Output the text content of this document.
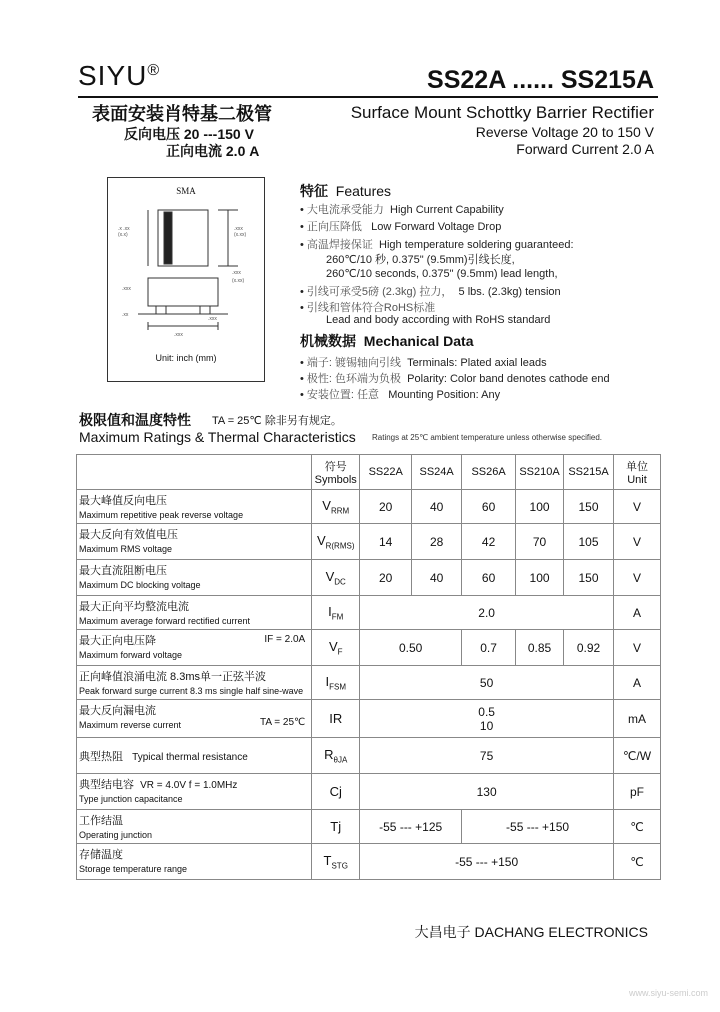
SIYU®	SS22A ...... SS215A
表面安装肖特基二极管	Surface Mount Schottky Barrier Rectifier
反向电压 20 ---150 V
正向电流 2.0 A
Reverse Voltage 20 to 150 V
Forward Current 2.0 A
SMA
.x .xx
(x.x)
.xxx
(x.xx)
.xxx
.xxx
(x.xx)
.xx
.xxx
.xxx
Unit: inch (mm)
特征 Features
• 大电流承受能力 High Current Capability
• 正向压降低 Low Forward Voltage Drop
• 高温焊接保证 High temperature soldering guaranteed:
260℃/10 秒, 0.375" (9.5mm)引线长度,
260℃/10 seconds, 0.375" (9.5mm) lead length,
• 引线可承受5磅 (2.3kg) 拉力， 5 lbs. (2.3kg) tension
• 引线和管体符合RoHS标准
Lead and body according with RoHS standard
机械数据 Mechanical Data
• 端子: 镀锡轴向引线 Terminals: Plated axial leads
• 极性: 色环端为负极 Polarity: Color band denotes cathode end
• 安装位置: 任意 Mounting Position: Any
极限值和温度特性 TA = 25℃ 除非另有规定。
Maximum Ratings & Thermal Characteristics Ratings at 25℃ ambient temperature unless otherwise specified.
	符号
Symbols	SS22A	SS24A	SS26A	SS210A	SS215A	单位
Unit

最大峰值反向电压
Maximum repetitive peak reverse voltage	$V_{RRM}$	20	40	60	100	150	V

最大反向有效值电压
Maximum RMS voltage	$V_{R(RMS)}$	14	28	42	70	105	V

最大直流阻断电压
Maximum DC blocking voltage	$V_{DC}$	20	40	60	100	150	V

最大正向平均整流电流
Maximum average forward rectified current	$I_{FM}$	2.0					A

最大正向电压降
Maximum forward voltage
IF = 2.0A	$V_F$	0.50		0.7	0.85	0.92	V

正向峰值浪涌电流 8.3ms单一正弦半波
Peak forward surge current 8.3 ms single half sine-wave	$I_{FSM}$	50					A

最大反向漏电流
Maximum reverse current TA = 25℃	IR	0.5
10					mA
典型热阻 Typical thermal resistance	$R_{\theta JA}$	75					℃/W

典型结电容 VR = 4.0V f = 1.0MHz
Type junction capacitance	Cj	130					pF

工作结温
Operating junction	Tj	-55 --- +125		-55 --- +150			℃

存储温度
Storage temperature range	$T_{STG}$	-55 --- +150					℃
大昌电子 DACHANG ELECTRONICS
www.siyu-semi.com
